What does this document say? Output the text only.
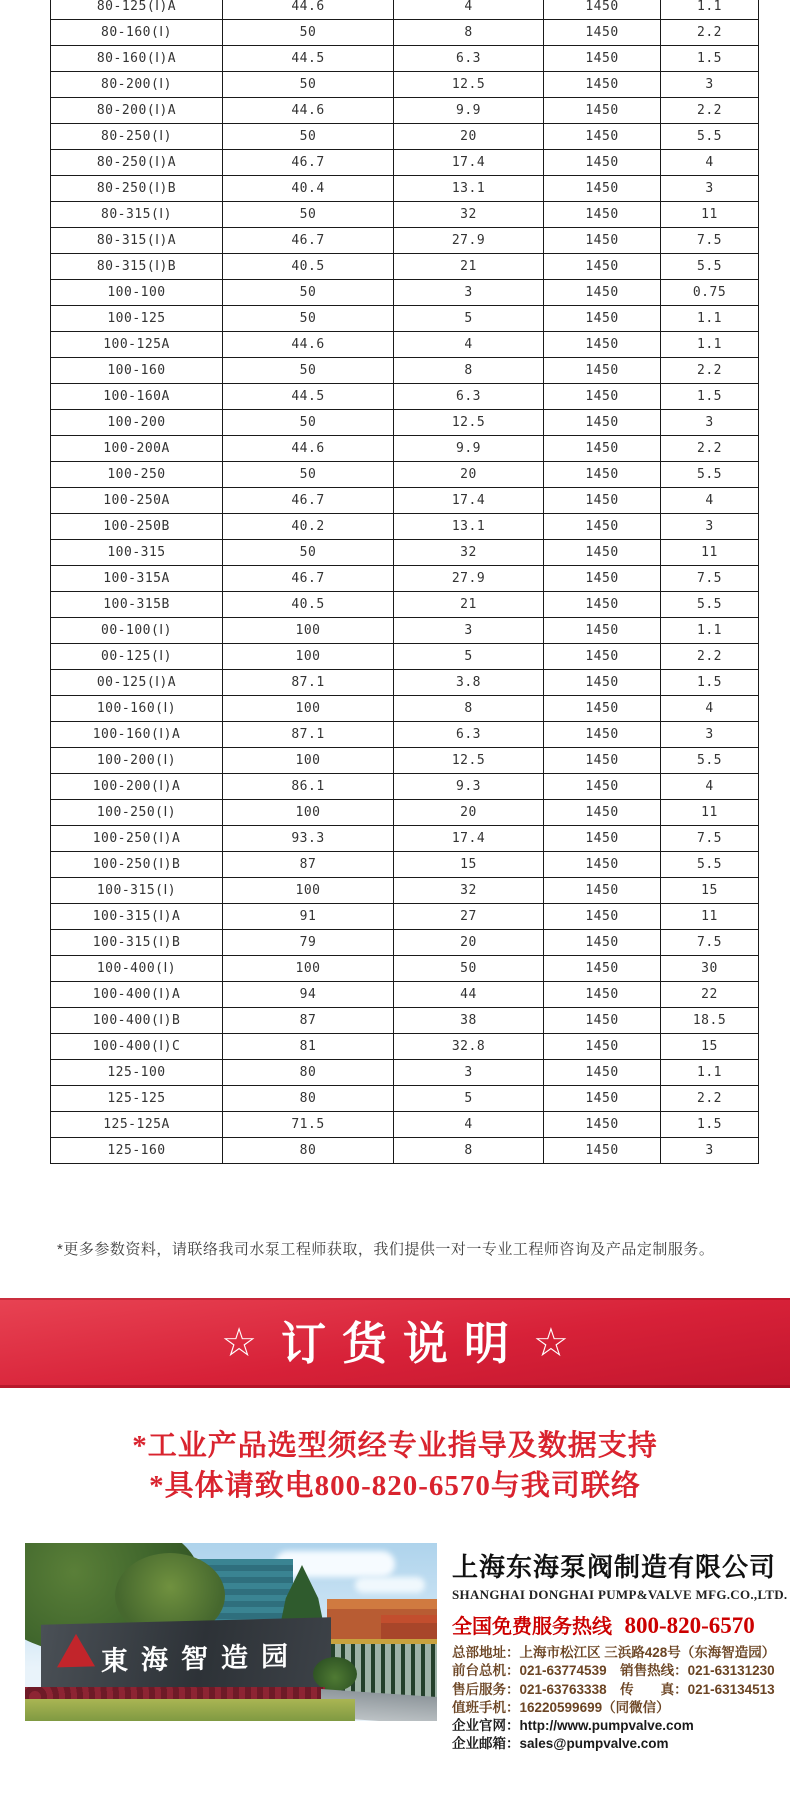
80-125(Ⅰ)A	44.6	4	1450	1.1
80-160(Ⅰ)	50	8	1450	2.2
80-160(Ⅰ)A	44.5	6.3	1450	1.5
80-200(Ⅰ)	50	12.5	1450	3
80-200(Ⅰ)A	44.6	9.9	1450	2.2
80-250(Ⅰ)	50	20	1450	5.5
80-250(Ⅰ)A	46.7	17.4	1450	4
80-250(Ⅰ)B	40.4	13.1	1450	3
80-315(Ⅰ)	50	32	1450	11
80-315(Ⅰ)A	46.7	27.9	1450	7.5
80-315(Ⅰ)B	40.5	21	1450	5.5
100-100	50	3	1450	0.75
100-125	50	5	1450	1.1
100-125A	44.6	4	1450	1.1
100-160	50	8	1450	2.2
100-160A	44.5	6.3	1450	1.5
100-200	50	12.5	1450	3
100-200A	44.6	9.9	1450	2.2
100-250	50	20	1450	5.5
100-250A	46.7	17.4	1450	4
100-250B	40.2	13.1	1450	3
100-315	50	32	1450	11
100-315A	46.7	27.9	1450	7.5
100-315B	40.5	21	1450	5.5
00-100(Ⅰ)	100	3	1450	1.1
00-125(Ⅰ)	100	5	1450	2.2
00-125(Ⅰ)A	87.1	3.8	1450	1.5
100-160(Ⅰ)	100	8	1450	4
100-160(Ⅰ)A	87.1	6.3	1450	3
100-200(Ⅰ)	100	12.5	1450	5.5
100-200(Ⅰ)A	86.1	9.3	1450	4
100-250(Ⅰ)	100	20	1450	11
100-250(Ⅰ)A	93.3	17.4	1450	7.5
100-250(Ⅰ)B	87	15	1450	5.5
100-315(Ⅰ)	100	32	1450	15
100-315(Ⅰ)A	91	27	1450	11
100-315(Ⅰ)B	79	20	1450	7.5
100-400(Ⅰ)	100	50	1450	30
100-400(Ⅰ)A	94	44	1450	22
100-400(Ⅰ)B	87	38	1450	18.5
100-400(Ⅰ)C	81	32.8	1450	15
125-100	80	3	1450	1.1
125-125	80	5	1450	2.2
125-125A	71.5	4	1450	1.5
125-160	80	8	1450	3

*更多参数资料，请联络我司水泵工程师获取，我们提供一对一专业工程师咨询及产品定制服务。

☆ 订货说明 ☆
*工业产品选型须经专业指导及数据支持
*具体请致电800-820-6570与我司联络
東海智造园
上海东海泵阀制造有限公司
SHANGHAI DONGHAI PUMP&VALVE MFG.CO.,LTD.
全国免费服务热线 800-820-6570
总部地址：上海市松江区 三浜路428号（东海智造园）
前台总机：021-63774539　销售热线：021-63131230
售后服务：021-63763338　传　　真：021-63134513
值班手机：16220599699（同微信）
企业官网：http://www.pumpvalve.com
企业邮箱：sales@pumpvalve.com
